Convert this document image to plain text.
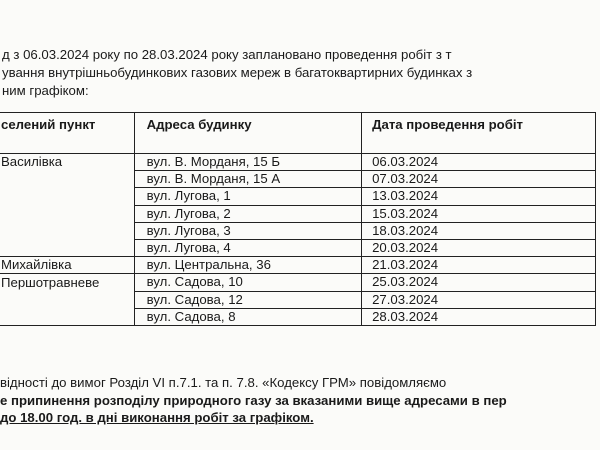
д з 06.03.2024 року по 28.03.2024 року заплановано проведення робіт з т
ування внутрішньобудинкових газових мереж в багатоквартирних будинках з
ним графіком:
селений пункт	Адреса будинку	Дата проведення робіт
Василівка	вул. В. Морданя, 15 Б	06.03.2024
	вул. В. Морданя, 15 А	07.03.2024
	вул. Лугова, 1	13.03.2024
	вул. Лугова, 2	15.03.2024
	вул. Лугова, 3	18.03.2024
	вул. Лугова, 4	20.03.2024
Михайлівка	вул. Центральна, 36	21.03.2024
Першотравневе	вул. Садова, 10	25.03.2024
	вул. Садова, 12	27.03.2024
	вул. Садова, 8	28.03.2024
відності до вимог Розділ VI п.7.1. та п. 7.8. «Кодексу ГРМ» повідомляємо
е припинення розподілу природного газу за вказаними вище адресами в пер
до 18.00 год. в дні виконання робіт за графіком.
